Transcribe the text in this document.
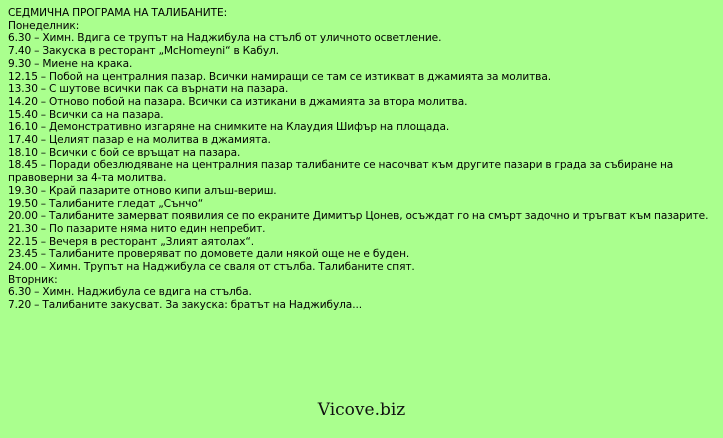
СЕДМИЧНА ПРОГРАМА НА ТАЛИБАНИТЕ:
Понеделник:
6.30 – Химн. Вдига се трупът на Наджибула на стълб от уличното осветление.
7.40 – Закуска в ресторант „McHomeyni“ в Кабул.
9.30 – Миене на крака.
12.15 – Побой на централния пазар. Всички намиращи се там се изтикват в джамията за молитва.
13.30 – С шутове всички пак са върнати на пазара.
14.20 – Отново побой на пазара. Всички са изтикани в джамията за втора молитва.
15.40 – Всички са на пазара.
16.10 – Демонстративно изгаряне на снимките на Клаудия Шифър на площада.
17.40 – Целият пазар е на молитва в джамията.
18.10 – Всички с бой се връщат на пазара.
18.45 – Поради обезлюдяване на централния пазар талибаните се насочват към другите пазари в града за събиране на правоверни за 4-та молитва.
19.30 – Край пазарите отново кипи алъш-вериш.
19.50 – Талибаните гледат „Сънчо“
20.00 – Талибаните замерват появилия се по екраните Димитър Цонев, осъждат го на смърт задочно и тръгват към пазарите.
21.30 – По пазарите няма нито един непребит.
22.15 – Вечеря в ресторант „Злият аятолах“.
23.45 – Талибаните проверяват по домовете дали някой още не е буден.
24.00 – Химн. Трупът на Наджибула се сваля от стълба. Талибаните спят.
Вторник:
6.30 – Химн. Наджибула се вдига на стълба.
7.20 – Талибаните закусват. За закуска: братът на Наджибула...
Vicove.biz
